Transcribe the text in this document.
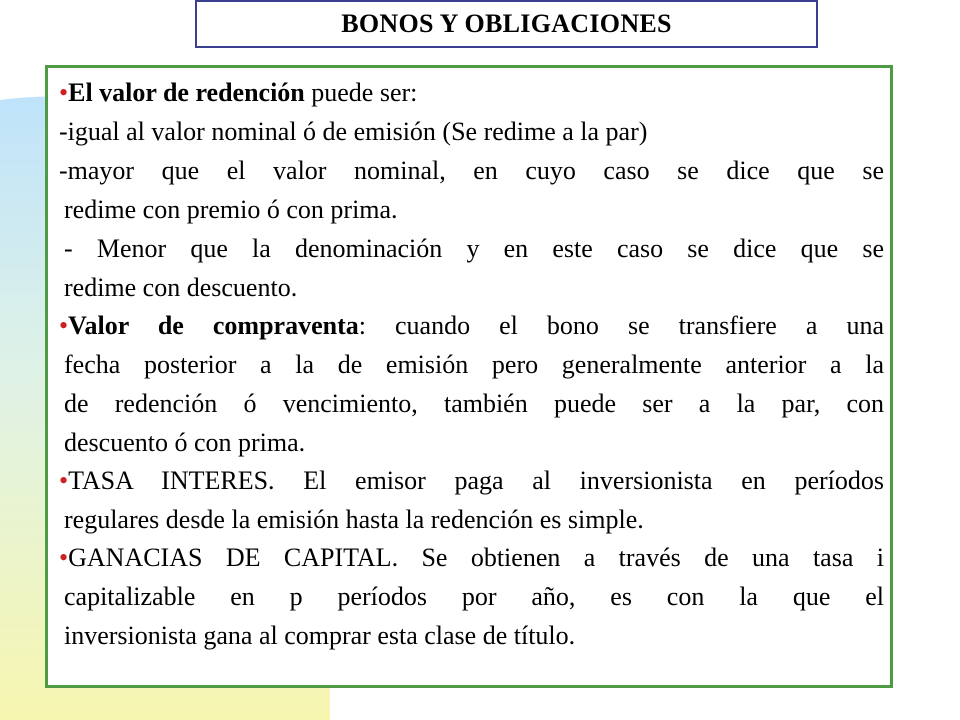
BONOS Y OBLIGACIONES
•El valor de redención puede ser:
-igual al valor nominal ó de emisión (Se redime a la par)
-mayor que el valor nominal, en cuyo caso se dice que se
redime con premio ó con prima.
- Menor que la denominación y en este caso se dice que se
redime con descuento.
•Valor de compraventa: cuando el bono se transfiere a una
fecha posterior a la de emisión pero generalmente anterior a la
de redención ó vencimiento, también puede ser a la par, con
descuento ó con prima.
•TASA INTERES. El emisor paga al inversionista en períodos
regulares desde la emisión hasta la redención es simple.
•GANACIAS DE CAPITAL. Se obtienen a través de una tasa i
capitalizable en p períodos por año, es con la que el
inversionista gana al comprar esta clase de título.
